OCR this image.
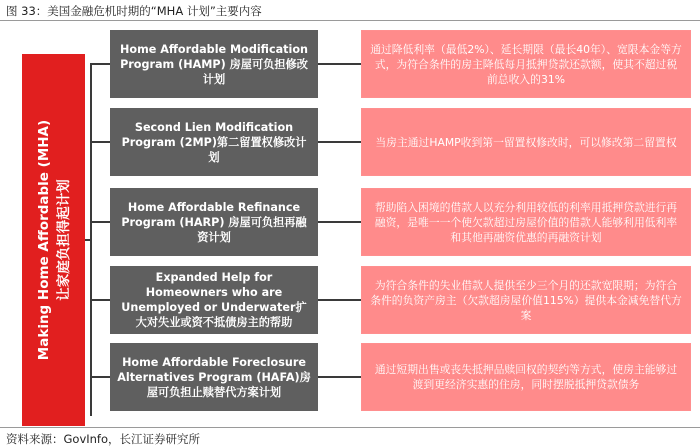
图 33：美国金融危机时期的“MHA 计划”主要内容
Making Home Affordable (MHA) 让家庭负担得起计划
Home Affordable Modification Program (HAMP) 房屋可负担修改计划
通过降低利率（最低2%）、延长期限（最长40年）、宽限本金等方式，为符合条件的房主降低每月抵押贷款还款额，使其不超过税前总收入的31%
Second Lien Modification Program (2MP)第二留置权修改计划
当房主通过HAMP收到第一留置权修改时，可以修改第二留置权
Home Affordable Refinance Program (HARP) 房屋可负担再融资计划
帮助陷入困境的借款人以充分利用较低的利率用抵押贷款进行再融资，是唯一一个使欠款超过房屋价值的借款人能够利用低利率和其他再融资优惠的再融资计划
Expanded Help for Homeowners who are Unemployed or Underwater扩大对失业或资不抵债房主的帮助
为符合条件的失业借款人提供至少三个月的还款宽限期；为符合条件的负资产房主（欠款超房屋价值115%）提供本金减免替代方案
Home Affordable Foreclosure Alternatives Program (HAFA)房屋可负担止赎替代方案计划
通过短期出售或丧失抵押品赎回权的契约等方式，使房主能够过渡到更经济实惠的住房，同时摆脱抵押贷款债务
资料来源：GovInfo，长江证券研究所
